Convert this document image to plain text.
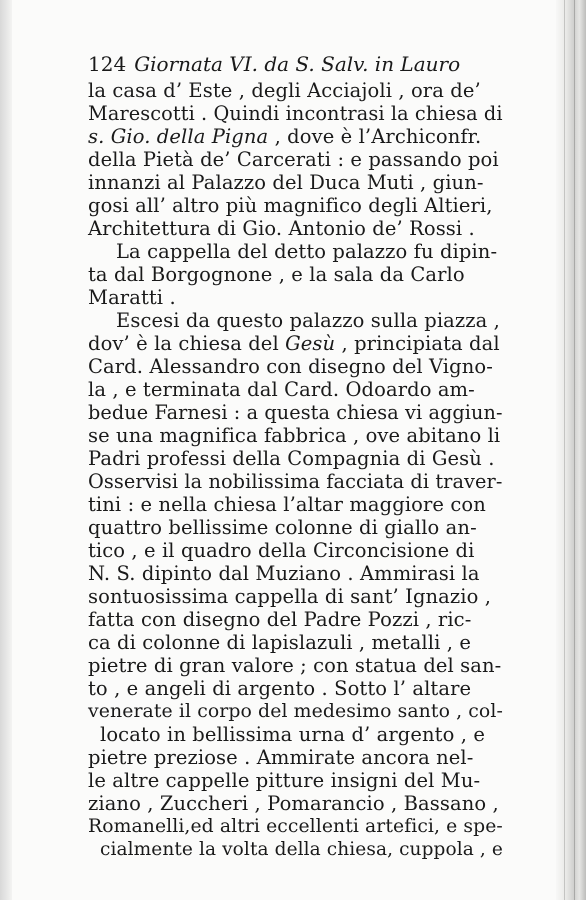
124 Giornata VI. da S. Salv. in Lauro
la casa d’ Este , degli Acciajoli , ora de’
Marescotti . Quindi incontrasi la chiesa di
s. Gio. della Pigna , dove è l’Archiconfr.
della Pietà de’ Carcerati : e passando poi
innanzi al Palazzo del Duca Muti , giun-
gosi all’ altro più magnifico degli Altieri,
Architettura di Gio. Antonio de’ Rossi .
La cappella del detto palazzo fu dipin-
ta dal Borgognone , e la sala da Carlo
Maratti .
Escesi da questo palazzo sulla piazza ,
dov’ è la chiesa del Gesù , principiata dal
Card. Alessandro con disegno del Vigno-
la , e terminata dal Card. Odoardo am-
bedue Farnesi : a questa chiesa vi aggiun-
se una magnifica fabbrica , ove abitano li
Padri professi della Compagnia di Gesù .
Osservisi la nobilissima facciata di traver-
tini : e nella chiesa l’altar maggiore con
quattro bellissime colonne di giallo an-
tico , e il quadro della Circoncisione di
N. S. dipinto dal Muziano . Ammirasi la
sontuosissima cappella di sant’ Ignazio ,
fatta con disegno del Padre Pozzi , ric-
ca di colonne di lapislazuli , metalli , e
pietre di gran valore ; con statua del san-
to , e angeli di argento . Sotto l’ altare
venerate il corpo del medesimo santo , col-
locato in bellissima urna d’ argento , e
pietre preziose . Ammirate ancora nel-
le altre cappelle pitture insigni del Mu-
ziano , Zuccheri , Pomarancio , Bassano ,
Romanelli,ed altri eccellenti artefici, e spe-
cialmente la volta della chiesa, cuppola , e
